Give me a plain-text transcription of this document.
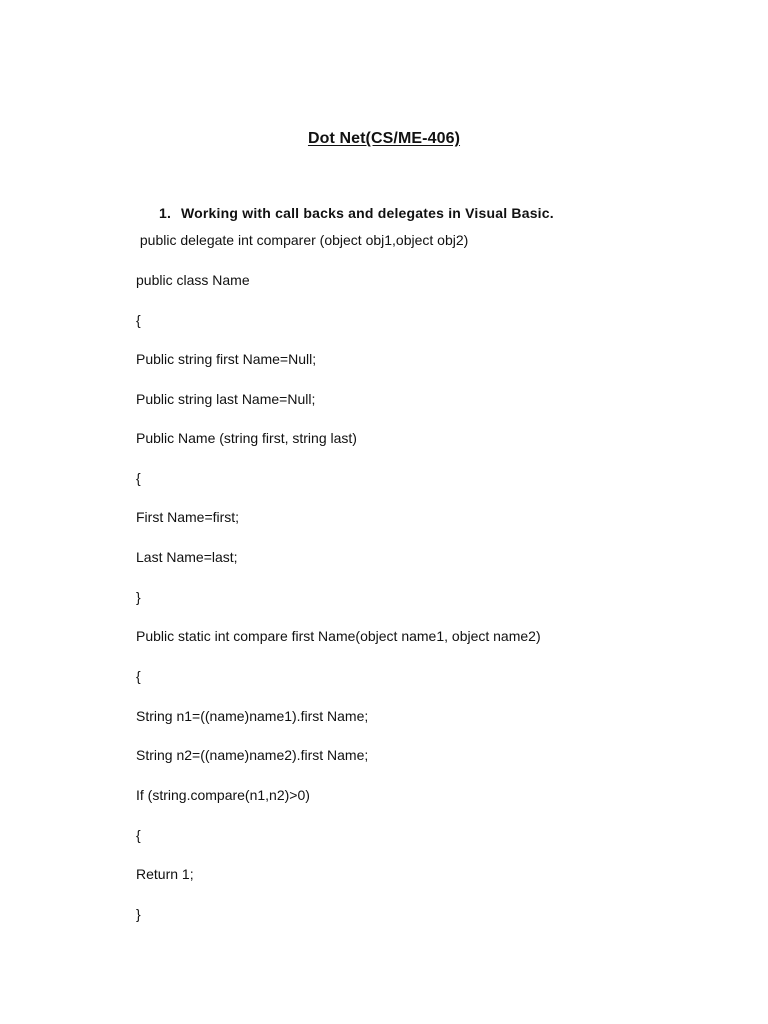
Dot Net(CS/ME-406)
1. Working with call backs and delegates in Visual Basic.
public delegate int comparer (object obj1,object obj2)
public class Name
{
Public string first Name=Null;
Public string last Name=Null;
Public Name (string first, string last)
{
First Name=first;
Last Name=last;
}
Public static int compare first Name(object name1, object name2)
{
String n1=((name)name1).first Name;
String n2=((name)name2).first Name;
If (string.compare(n1,n2)>0)
{
Return 1;
}
